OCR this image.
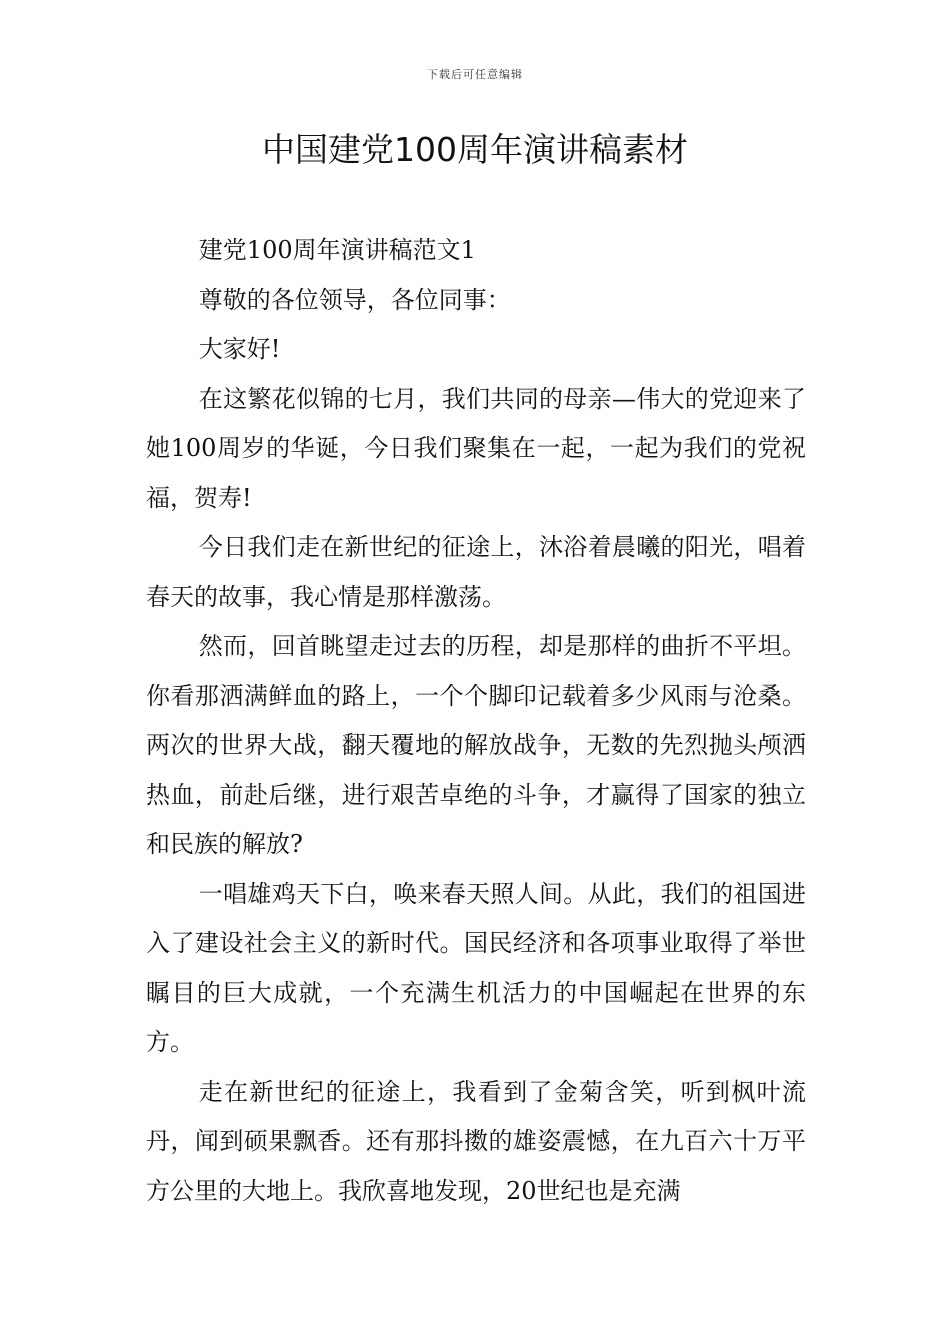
下载后可任意编辑
中国建党100周年演讲稿素材

建党100周年演讲稿范文1

尊敬的各位领导，各位同事：

大家好!

在这繁花似锦的七月，我们共同的母亲—伟大的党迎来了她100周岁的华诞，今日我们聚集在一起，一起为我们的党祝福，贺寿!

今日我们走在新世纪的征途上，沐浴着晨曦的阳光，唱着春天的故事，我心情是那样激荡。

然而，回首眺望走过去的历程，却是那样的曲折不平坦。你看那洒满鲜血的路上，一个个脚印记载着多少风雨与沧桑。两次的世界大战，翻天覆地的解放战争，无数的先烈抛头颅洒热血，前赴后继，进行艰苦卓绝的斗争，才赢得了国家的独立和民族的解放?

一唱雄鸡天下白，唤来春天照人间。从此，我们的祖国进入了建设社会主义的新时代。国民经济和各项事业取得了举世瞩目的巨大成就，一个充满生机活力的中国崛起在世界的东方。

走在新世纪的征途上，我看到了金菊含笑，听到枫叶流丹，闻到硕果飘香。还有那抖擞的雄姿震憾，在九百六十万平方公里的大地上。我欣喜地发现，20世纪也是充满
